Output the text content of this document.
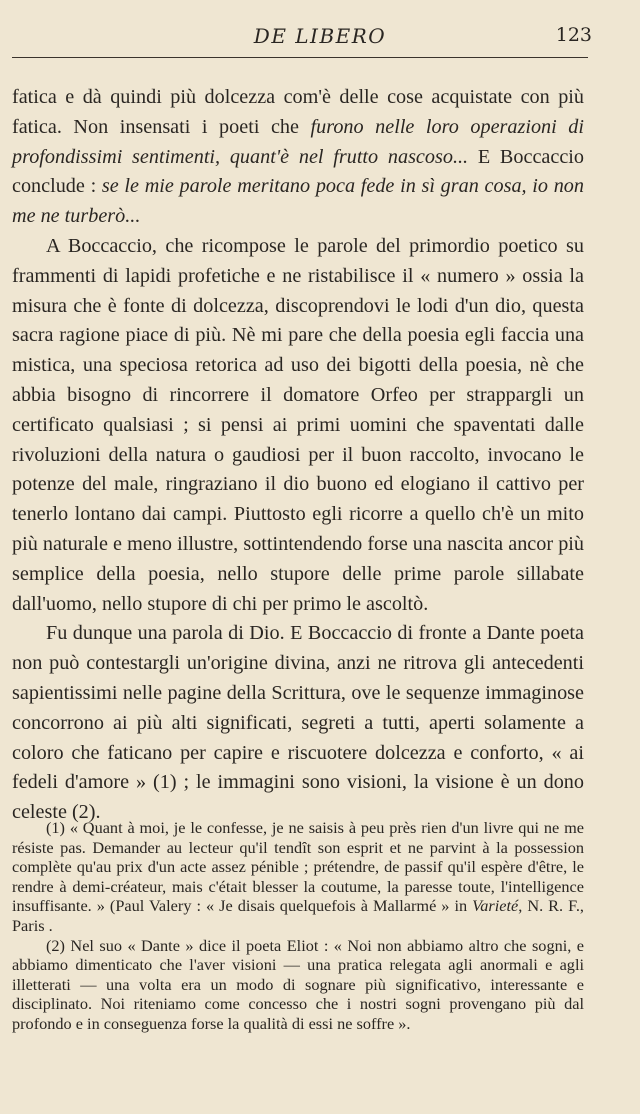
DE LIBERO	123

fatica e dà quindi più dolcezza com'è delle cose acquistate con più fatica. Non insensati i poeti che furono nelle loro operazioni di profondissimi sentimenti, quant'è nel frutto nascoso... E Boccaccio conclude : se le mie parole meritano poca fede in sì gran cosa, io non me ne turberò...

A Boccaccio, che ricompose le parole del primordio poetico su frammenti di lapidi profetiche e ne ristabilisce il « numero » ossia la misura che è fonte di dolcezza, discoprendovi le lodi d'un dio, questa sacra ragione piace di più. Nè mi pare che della poesia egli faccia una mistica, una speciosa retorica ad uso dei bigotti della poesia, nè che abbia bisogno di rincorrere il domatore Orfeo per strappargli un certificato qualsiasi ; si pensi ai primi uomini che spaventati dalle rivoluzioni della natura o gaudiosi per il buon raccolto, invocano le potenze del male, ringraziano il dio buono ed elogiano il cattivo per tenerlo lontano dai campi. Piuttosto egli ricorre a quello ch'è un mito più naturale e meno illustre, sottintendendo forse una nascita ancor più semplice della poesia, nello stupore delle prime parole sillabate dall'uomo, nello stupore di chi per primo le ascoltò.

Fu dunque una parola di Dio. E Boccaccio di fronte a Dante poeta non può contestargli un'origine divina, anzi ne ritrova gli antecedenti sapientissimi nelle pagine della Scrittura, ove le sequenze immaginose concorrono ai più alti significati, segreti a tutti, aperti solamente a coloro che faticano per capire e riscuotere dolcezza e conforto, « ai fedeli d'amore » (1) ; le immagini sono visioni, la visione è un dono celeste (2).

(1) « Quant à moi, je le confesse, je ne saisis à peu près rien d'un livre qui ne me résiste pas. Demander au lecteur qu'il tendît son esprit et ne parvint à la possession complète qu'au prix d'un acte assez pénible ; prétendre, de passif qu'il espère d'être, le rendre à demi-créateur, mais c'était blesser la coutume, la paresse toute, l'intelligence insuffisante. » (Paul Valery : « Je disais quelquefois à Mallarmé » in Varieté, N. R. F., Paris .

(2) Nel suo « Dante » dice il poeta Eliot : « Noi non abbiamo altro che sogni, e abbiamo dimenticato che l'aver visioni — una pratica relegata agli anormali e agli illetterati — una volta era un modo di sognare più significativo, interessante e disciplinato. Noi riteniamo come concesso che i nostri sogni provengano più dal profondo e in conseguenza forse la qualità di essi ne soffre ».
